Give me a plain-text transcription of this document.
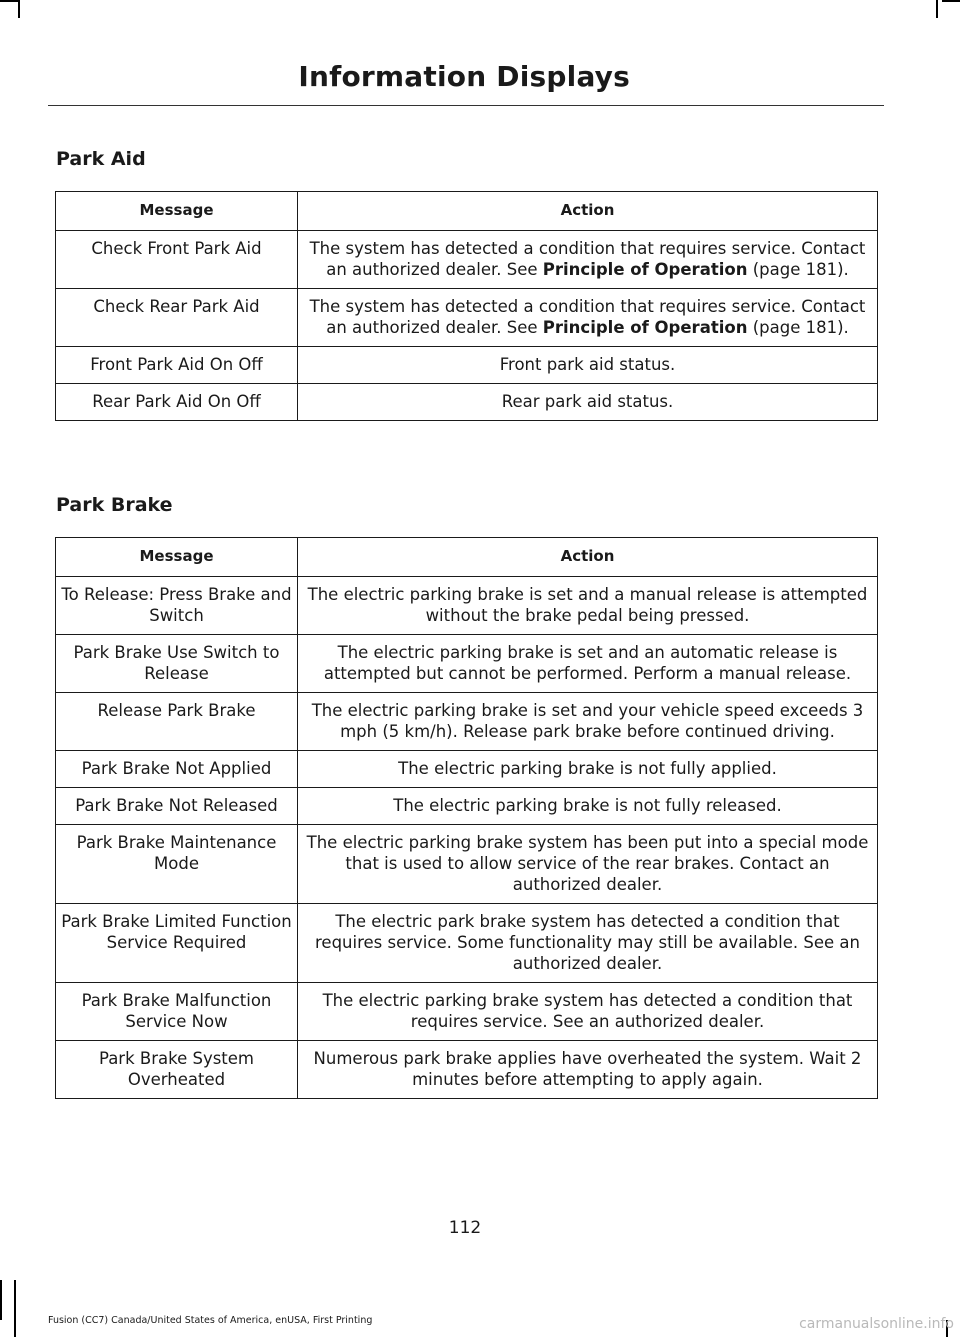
Information Displays
Park Aid
Message	Action
Check Front Park Aid	The system has detected a condition that requires service. Contact an authorized dealer. See Principle of Operation (page 181).
Check Rear Park Aid	The system has detected a condition that requires service. Contact an authorized dealer. See Principle of Operation (page 181).
Front Park Aid On Off	Front park aid status.
Rear Park Aid On Off	Rear park aid status.
Park Brake
Message	Action
To Release: Press Brake and Switch	The electric parking brake is set and a manual release is attempted without the brake pedal being pressed.
Park Brake Use Switch to Release	The electric parking brake is set and an automatic release is attempted but cannot be performed. Perform a manual release.
Release Park Brake	The electric parking brake is set and your vehicle speed exceeds 3 mph (5 km/h). Release park brake before continued driving.
Park Brake Not Applied	The electric parking brake is not fully applied.
Park Brake Not Released	The electric parking brake is not fully released.
Park Brake Maintenance Mode	The electric parking brake system has been put into a special mode that is used to allow service of the rear brakes. Contact an authorized dealer.
Park Brake Limited Function Service Required	The electric park brake system has detected a condition that requires service. Some functionality may still be available. See an authorized dealer.
Park Brake Malfunction Service Now	The electric parking brake system has detected a condition that requires service. See an authorized dealer.
Park Brake System Overheated	Numerous park brake applies have overheated the system. Wait 2 minutes before attempting to apply again.
112
Fusion (CC7) Canada/United States of America, enUSA, First Printing	carmanualsonline.info
